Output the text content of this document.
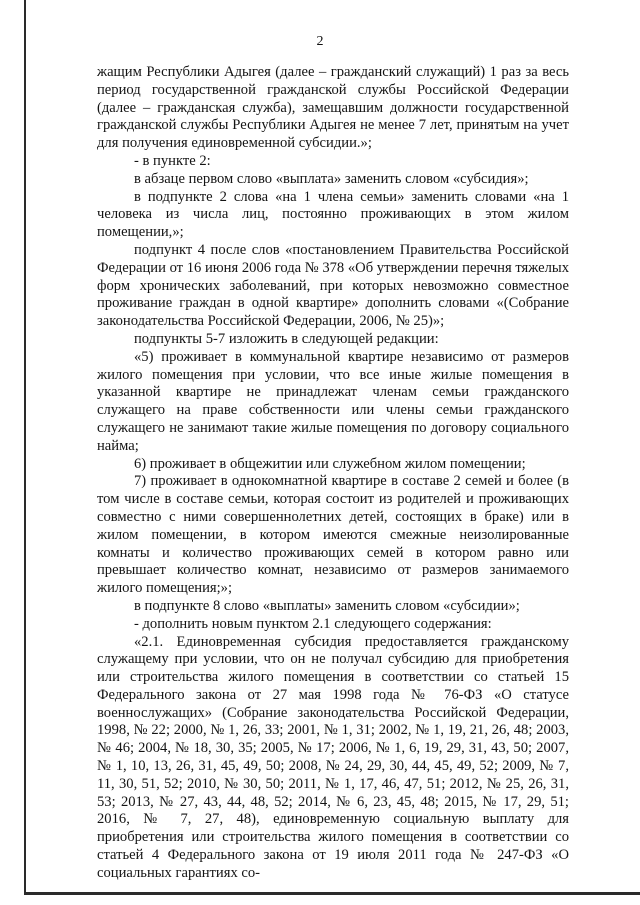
2

жащим Республики Адыгея (далее – гражданский служащий) 1 раз за весь период государственной гражданской службы Российской Федерации (далее – гражданская служба), замещавшим должности государственной гражданской службы Республики Адыгея не менее 7 лет, принятым на учет для получения единовременной субсидии.»;

- в пункте 2:

в абзаце первом слово «выплата» заменить словом «субсидия»;

в подпункте 2 слова «на 1 члена семьи» заменить словами «на 1 человека из числа лиц, постоянно проживающих в этом жилом помещении,»;

подпункт 4 после слов «постановлением Правительства Российской Федерации от 16 июня 2006 года № 378 «Об утверждении перечня тяжелых форм хронических заболеваний, при которых невозможно совместное проживание граждан в одной квартире» дополнить словами «(Собрание законодательства Российской Федерации, 2006, № 25)»;

подпункты 5-7 изложить в следующей редакции:

«5) проживает в коммунальной квартире независимо от размеров жилого помещения при условии, что все иные жилые помещения в указанной квартире не принадлежат членам семьи гражданского служащего на праве собственности или члены семьи гражданского служащего не занимают такие жилые помещения по договору социального найма;

6) проживает в общежитии или служебном жилом помещении;

7) проживает в однокомнатной квартире в составе 2 семей и более (в том числе в составе семьи, которая состоит из родителей и проживающих совместно с ними совершеннолетних детей, состоящих в браке) или в жилом помещении, в котором имеются смежные неизолированные комнаты и количество проживающих семей в котором равно или превышает количество комнат, независимо от размеров занимаемого жилого помещения;»;

в подпункте 8 слово «выплаты» заменить словом «субсидии»;

- дополнить новым пунктом 2.1 следующего содержания:

«2.1. Единовременная субсидия предоставляется гражданскому служащему при условии, что он не получал субсидию для приобретения или строительства жилого помещения в соответствии со статьей 15 Федерального закона от 27 мая 1998 года № 76-ФЗ «О статусе военнослужащих» (Собрание законодательства Российской Федерации, 1998, № 22; 2000, № 1, 26, 33; 2001, № 1, 31; 2002, № 1, 19, 21, 26, 48; 2003, № 46; 2004, № 18, 30, 35; 2005, № 17; 2006, № 1, 6, 19, 29, 31, 43, 50; 2007, № 1, 10, 13, 26, 31, 45, 49, 50; 2008, № 24, 29, 30, 44, 45, 49, 52; 2009, № 7, 11, 30, 51, 52; 2010, № 30, 50; 2011, № 1, 17, 46, 47, 51; 2012, № 25, 26, 31, 53; 2013, № 27, 43, 44, 48, 52; 2014, № 6, 23, 45, 48; 2015, № 17, 29, 51; 2016, № 7, 27, 48), единовременную социальную выплату для приобретения или строительства жилого помещения в соответствии со статьей 4 Федерального закона от 19 июля 2011 года № 247-ФЗ «О социальных гарантиях со-
